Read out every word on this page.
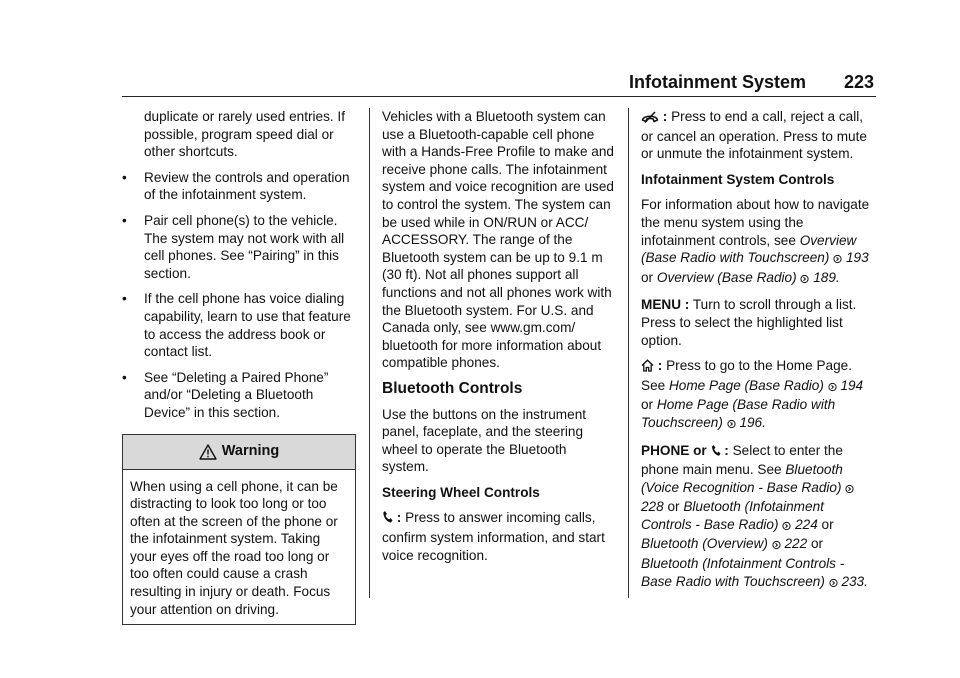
Infotainment System 223

duplicate or rarely used entries. If possible, program speed dial or other shortcuts.

• Review the controls and operation of the infotainment system.
• Pair cell phone(s) to the vehicle. The system may not work with all cell phones. See “Pairing” in this section.
• If the cell phone has voice dialing capability, learn to use that feature to access the address book or contact list.
• See “Deleting a Paired Phone” and/or “Deleting a Bluetooth Device” in this section.
Warning
When using a cell phone, it can be distracting to look too long or too often at the screen of the phone or the infotainment system. Taking your eyes off the road too long or too often could cause a crash resulting in injury or death. Focus your attention on driving.

Vehicles with a Bluetooth system can use a Bluetooth-capable cell phone with a Hands-Free Profile to make and receive phone calls. The infotainment system and voice recognition are used to control the system. The system can be used while in ON/RUN or ACC/ ACCESSORY. The range of the Bluetooth system can be up to 9.1 m (30 ft). Not all phones support all functions and not all phones work with the Bluetooth system. For U.S. and Canada only, see www.gm.com/ bluetooth for more information about compatible phones.

Bluetooth Controls

Use the buttons on the instrument panel, faceplate, and the steering wheel to operate the Bluetooth system.

Steering Wheel Controls

: Press to answer incoming calls, confirm system information, and start voice recognition.

: Press to end a call, reject a call, or cancel an operation. Press to mute or unmute the infotainment system.

Infotainment System Controls

For information about how to navigate the menu system using the infotainment controls, see Overview (Base Radio with Touchscreen) 193 or Overview (Base Radio) 189.

MENU : Turn to scroll through a list. Press to select the highlighted list option.

: Press to go to the Home Page. See Home Page (Base Radio) 194 or Home Page (Base Radio with Touchscreen) 196.

PHONE or  : Select to enter the phone main menu. See Bluetooth (Voice Recognition - Base Radio)  228 or Bluetooth (Infotainment Controls - Base Radio) 224 or Bluetooth (Overview) 222 or Bluetooth (Infotainment Controls - Base Radio with Touchscreen) 233.
